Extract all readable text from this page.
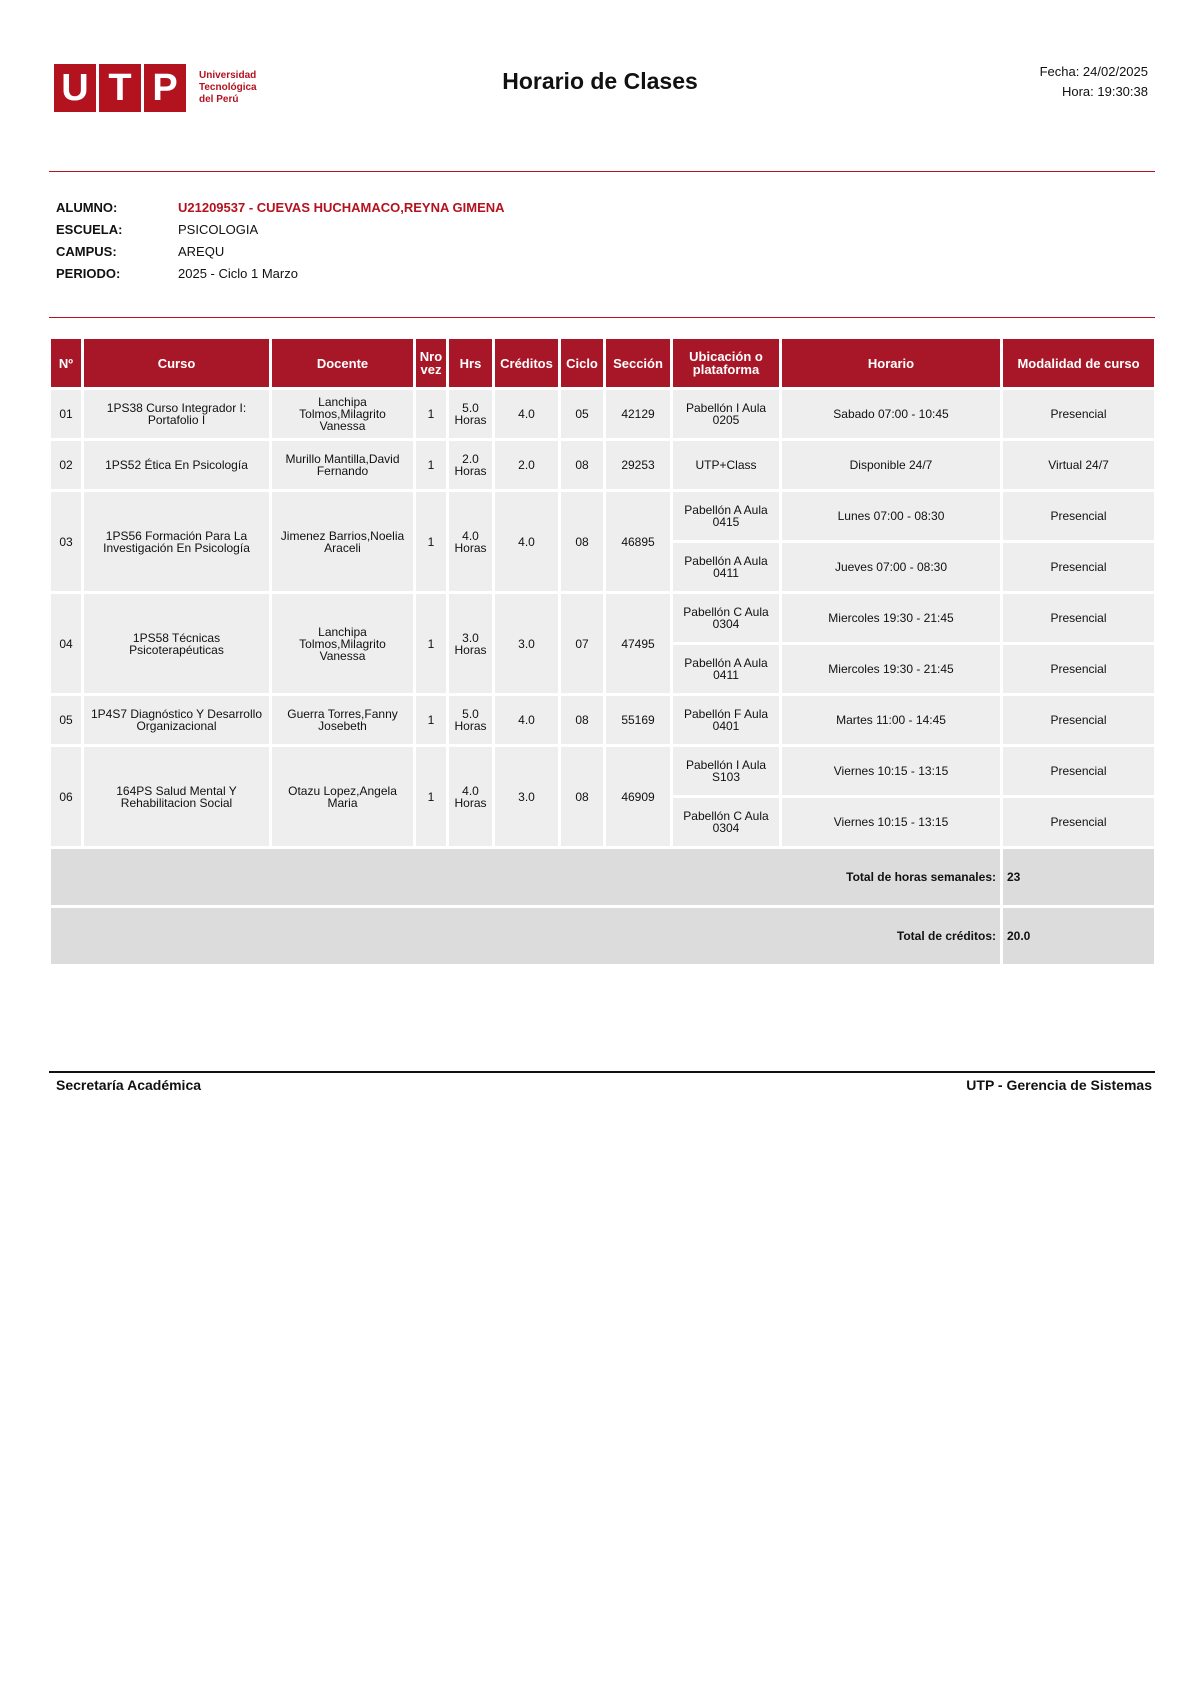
U T P	Universidad
Tecnológica
del Perú
Horario de Clases	Fecha: 24/02/2025
Hora: 19:30:38
ALUMNO:	U21209537 - CUEVAS HUCHAMACO,REYNA GIMENA
ESCUELA:	PSICOLOGIA
CAMPUS:	AREQU
PERIODO:	2025 - Ciclo 1 Marzo
Nº	Curso	Docente	Nro vez	Hrs	Créditos	Ciclo	Sección	Ubicación o plataforma	Horario	Modalidad de curso
01	1PS38 Curso Integrador I: Portafolio I	Lanchipa Tolmos,Milagrito Vanessa	1	5.0 Horas	4.0	05	42129	Pabellón I Aula 0205	Sabado 07:00 - 10:45	Presencial
02	1PS52 Ética En Psicología	Murillo Mantilla,David Fernando	1	2.0 Horas	2.0	08	29253	UTP+Class	Disponible 24/7	Virtual 24/7
03	1PS56 Formación Para La Investigación En Psicología	Jimenez Barrios,Noelia Araceli	1	4.0 Horas	4.0	08	46895	Pabellón A Aula 0415	Lunes 07:00 - 08:30	Presencial
								Pabellón A Aula 0411	Jueves 07:00 - 08:30	Presencial
04	1PS58 Técnicas Psicoterapéuticas	Lanchipa Tolmos,Milagrito Vanessa	1	3.0 Horas	3.0	07	47495	Pabellón C Aula 0304	Miercoles 19:30 - 21:45	Presencial
								Pabellón A Aula 0411	Miercoles 19:30 - 21:45	Presencial
05	1P4S7 Diagnóstico Y Desarrollo Organizacional	Guerra Torres,Fanny Josebeth	1	5.0 Horas	4.0	08	55169	Pabellón F Aula 0401	Martes 11:00 - 14:45	Presencial
06	164PS Salud Mental Y Rehabilitacion Social	Otazu Lopez,Angela Maria	1	4.0 Horas	3.0	08	46909	Pabellón I Aula S103	Viernes 10:15 - 13:15	Presencial
								Pabellón C Aula 0304	Viernes 10:15 - 13:15	Presencial
Total de horas semanales:										23
Total de créditos:										20.0
Secretaría Académica	UTP - Gerencia de Sistemas
